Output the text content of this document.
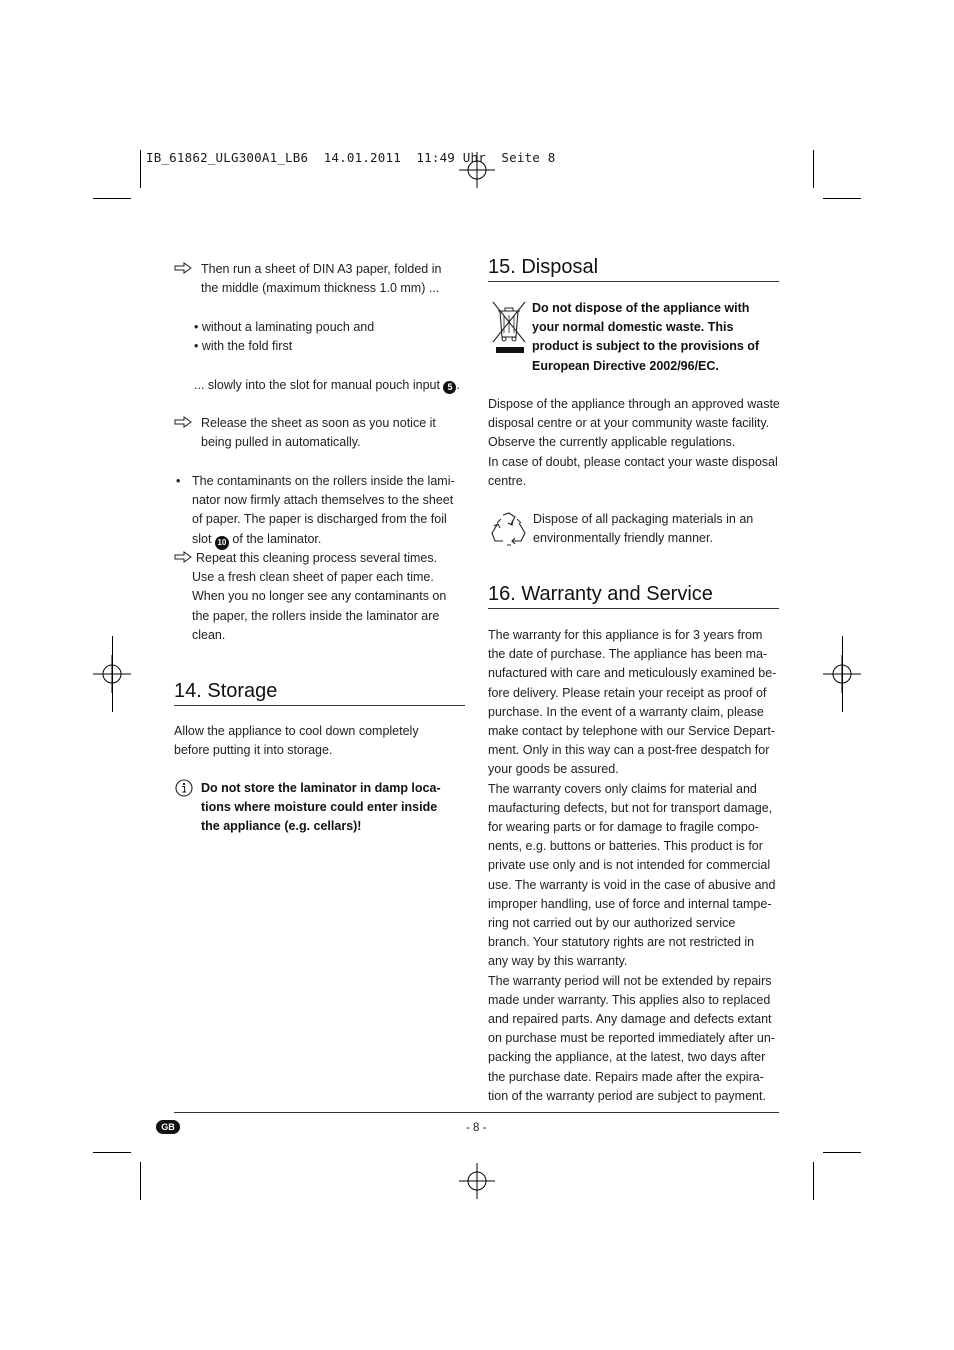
IB_61862_ULG300A1_LB6  14.01.2011  11:49 Uhr  Seite 8
Then run a sheet of DIN A3 paper, folded in
the middle (maximum thickness 1.0 mm) ...
• without a laminating pouch and
• with the fold first
... slowly into the slot for manual pouch input 5 .
Release the sheet as soon as you notice it
being pulled in automatically.
• The contaminants on the rollers inside the lami-
nator now firmly attach themselves to the sheet
of paper. The paper is discharged from the foil
slot 10 of the laminator.
Repeat this cleaning process several times.
Use a fresh clean sheet of paper each time.
When you no longer see any contaminants on
the paper, the rollers inside the laminator are
clean.
14. Storage
Allow the appliance to cool down completely
before putting it into storage.
Do not store the laminator in damp loca-
tions where moisture could enter inside
the appliance (e.g. cellars)!
15. Disposal
Do not dispose of the appliance with
your normal domestic waste. This
product is subject to the provisions of
European Directive 2002/96/EC.
Dispose of the appliance through an approved waste
disposal centre or at your community waste facility.
Observe the currently applicable regulations.
In case of doubt, please contact your waste disposal
centre.
Dispose of all packaging materials in an
environmentally friendly manner.
16. Warranty and Service
The warranty for this appliance is for 3 years from
the date of purchase. The appliance has been ma-
nufactured with care and meticulously examined be-
fore delivery. Please retain your receipt as proof of
purchase. In the event of a warranty claim, please
make contact by telephone with our Service Depart-
ment. Only in this way can a post-free despatch for
your goods be assured.
The warranty covers only claims for material and
maufacturing defects, but not for transport damage,
for wearing parts or for damage to fragile compo-
nents, e.g. buttons or batteries. This product is for
private use only and is not intended for commercial
use. The warranty is void in the case of abusive and
improper handling, use of force and internal tampe-
ring not carried out by our authorized service
branch. Your statutory rights are not restricted in
any way by this warranty.
The warranty period will not be extended by repairs
made under warranty. This applies also to replaced
and repaired parts. Any damage and defects extant
on purchase must be reported immediately after un-
packing the appliance, at the latest, two days after
the purchase date. Repairs made after the expira-
tion of the warranty period are subject to payment.
GB	- 8 -
